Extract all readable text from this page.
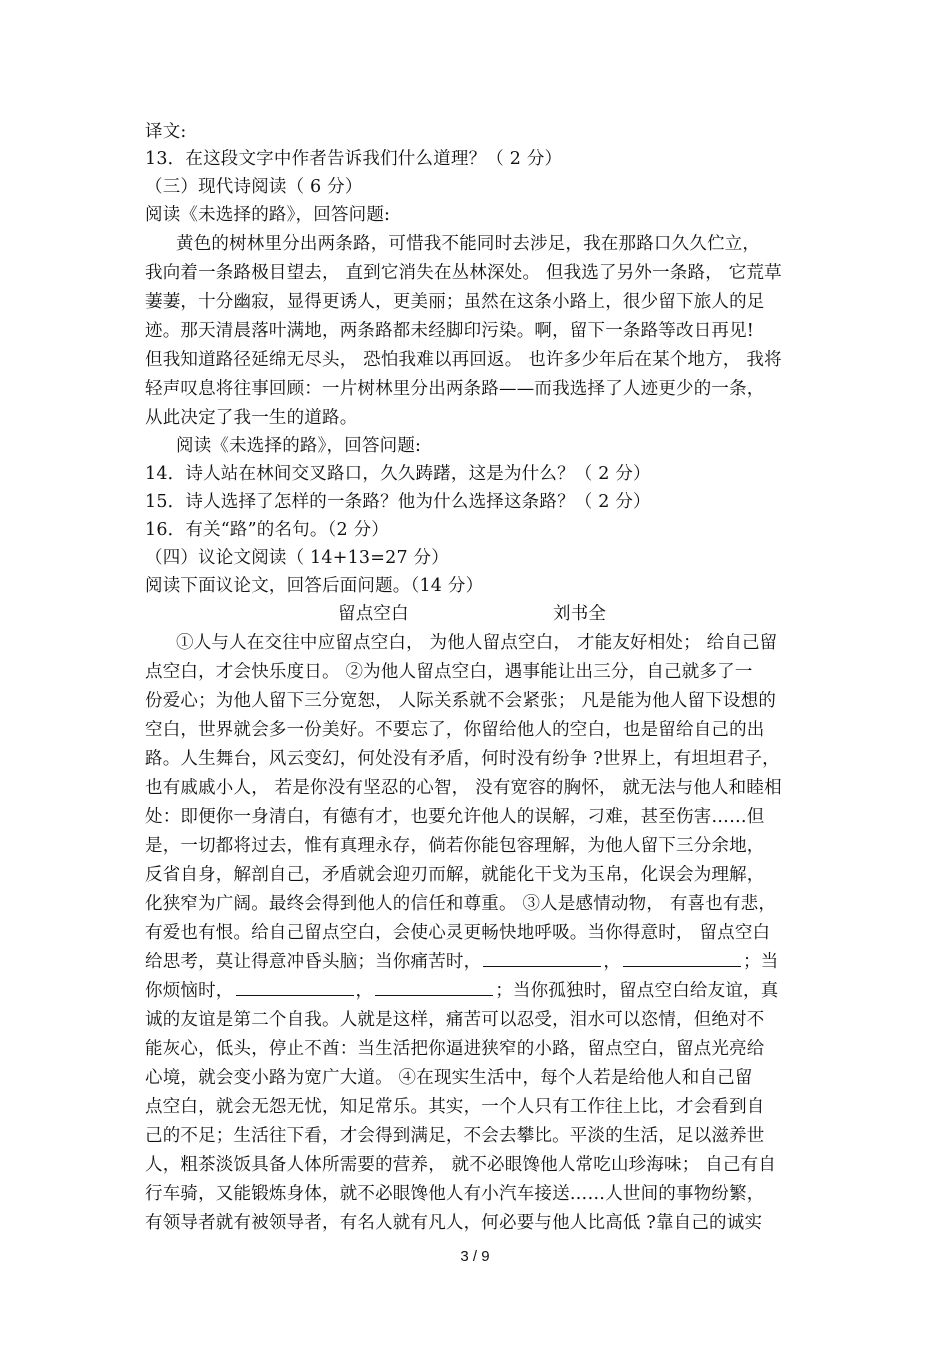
译文:
13．在这段文字中作者告诉我们什么道理？（ 2 分）
（三）现代诗阅读（ 6 分）
阅读《未选择的路》，回答问题:
黄色的树林里分出两条路，可惜我不能同时去涉足，我在那路口久久伫立，
我向着一条路极目望去， 直到它消失在丛林深处。 但我选了另外一条路， 它荒草
萋萋，十分幽寂，显得更诱人，更美丽；虽然在这条小路上，很少留下旅人的足
迹。那天清晨落叶满地，两条路都未经脚印污染。啊，留下一条路等改日再见!
但我知道路径延绵无尽头， 恐怕我难以再回返。 也许多少年后在某个地方， 我将
轻声叹息将往事回顾：一片树林里分出两条路——而我选择了人迹更少的一条，
从此决定了我一生的道路。
阅读《未选择的路》，回答问题:
14．诗人站在林间交叉路口，久久踌躇，这是为什么？（ 2 分）
15．诗人选择了怎样的一条路？他为什么选择这条路？（ 2 分）
16．有关“路”的名句。（2 分）
（四）议论文阅读（ 14+13=27 分）
阅读下面议论文，回答后面问题。（14 分）
留点空白	刘书全
①人与人在交往中应留点空白， 为他人留点空白， 才能友好相处； 给自己留
点空白，才会快乐度日。 ②为他人留点空白，遇事能让出三分，自己就多了一
份爱心；为他人留下三分宽恕， 人际关系就不会紧张； 凡是能为他人留下设想的
空白，世界就会多一份美好。不要忘了，你留给他人的空白，也是留给自己的出
路。人生舞台，风云变幻，何处没有矛盾，何时没有纷争 ?世界上，有坦坦君子，
也有戚戚小人， 若是你没有坚忍的心智， 没有宽容的胸怀， 就无法与他人和睦相
处：即便你一身清白，有德有才，也要允许他人的误解，刁难，甚至伤害……但
是，一切都将过去，惟有真理永存，倘若你能包容理解，为他人留下三分余地，
反省自身，解剖自己，矛盾就会迎刃而解，就能化干戈为玉帛，化误会为理解，
化狭窄为广阔。最终会得到他人的信任和尊重。 ③人是感情动物， 有喜也有悲，
有爱也有恨。给自己留点空白，会使心灵更畅快地呼吸。当你得意时， 留点空白
给思考，莫让得意冲昏头脑；当你痛苦时，	，	；当
你烦恼时，	，	；当你孤独时，留点空白给友谊，真
诚的友谊是第二个自我。人就是这样，痛苦可以忍受，泪水可以恣情，但绝对不
能灰心，低头，停止不酋：当生活把你逼进狭窄的小路，留点空白，留点光亮给
心境，就会变小路为宽广大道。 ④在现实生活中，每个人若是给他人和自己留
点空白，就会无怨无忧，知足常乐。其实，一个人只有工作往上比，才会看到自
己的不足；生活往下看，才会得到满足，不会去攀比。平淡的生活，足以滋养世
人，粗茶淡饭具备人体所需要的营养， 就不必眼馋他人常吃山珍海味； 自己有自
行车骑，又能锻炼身体，就不必眼馋他人有小汽车接送……人世间的事物纷繁，
有领导者就有被领导者，有名人就有凡人，何必要与他人比高低 ?靠自己的诚实
3 / 9
